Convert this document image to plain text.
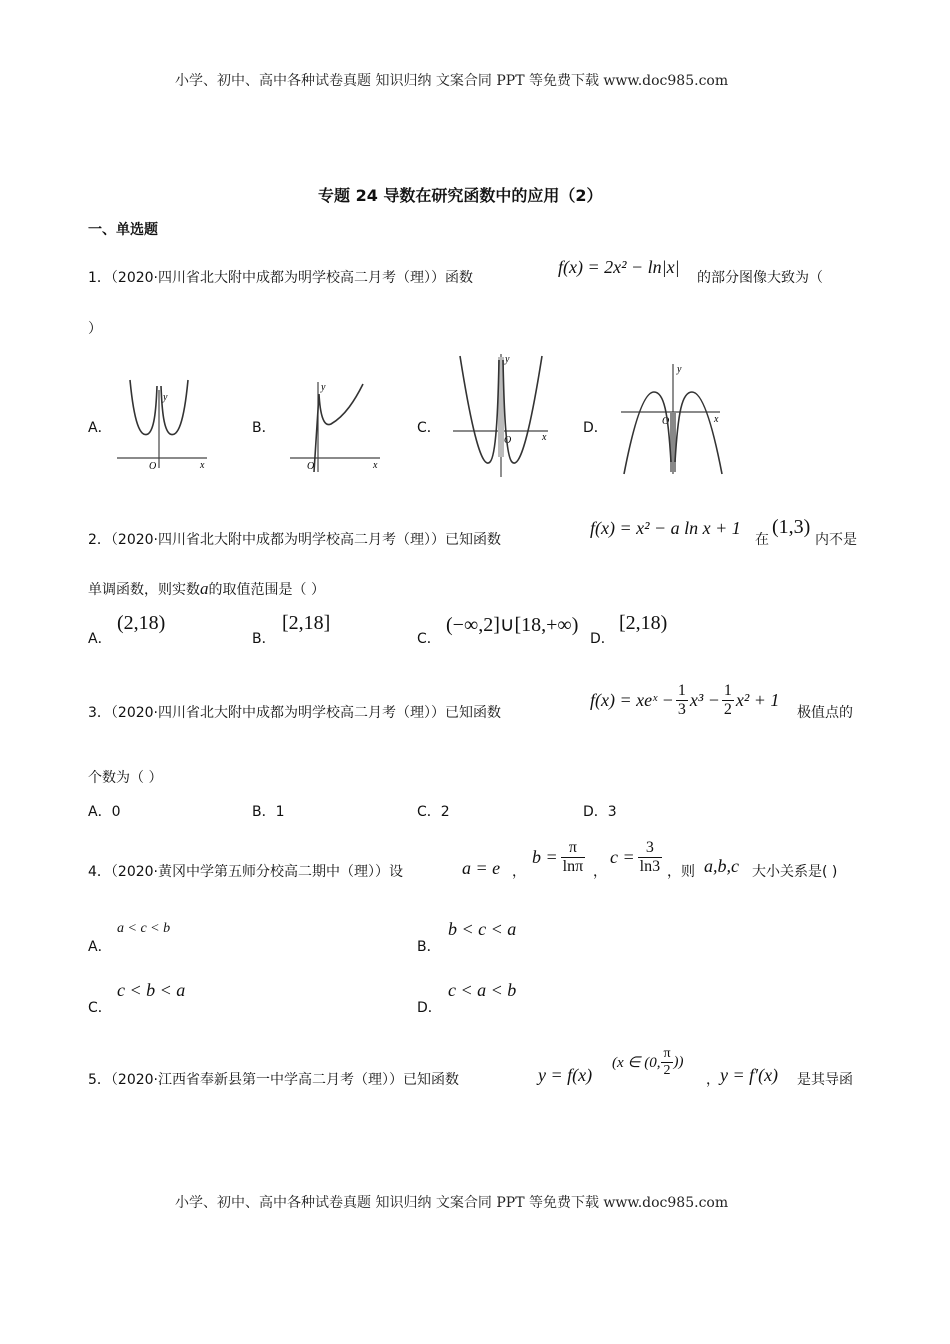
小学、初中、高中各种试卷真题 知识归纳 文案合同 PPT 等免费下载 www.doc985.com
专题 24 导数在研究函数中的应用（2）
一、单选题
1．（2020·四川省北大附中成都为明学校高二月考（理））函数
f(x) = 2x² − ln|x|
的部分图像大致为（
）
A．	B．	C．	D．
y
x
O
y
x
O
y
x
O
y
x
O
2．（2020·四川省北大附中成都为明学校高二月考（理））已知函数
f(x) = x² − a ln x + 1
在
(1,3)
内不是
单调函数，则实数a的取值范围是（ ）
A．
(2,18)
B．
[2,18]
C．
(−∞,2]∪[18,+∞)
D．
[2,18)
3．（2020·四川省北大附中成都为明学校高二月考（理））已知函数
f(x) = xeˣ − $\frac{1}{3} x^3 - \frac{1}{2} x^2 + 1$
极值点的
个数为（ ）
A．0	B．1	C．2	D．3
4．（2020·黄冈中学第五师分校高二期中（理））设	a = e ，
$b = \frac{\pi}{\ln\pi}$ ，
$c = \frac{3}{\ln 3}$ ，则 a,b,c 大小关系是( )
A．
a < c < b
B．
b < c < a
C．
c < b < a
D．
c < a < b
5．（2020·江西省奉新县第一中学高二月考（理））已知函数	y = f(x)
(x ∈ (0, $\frac{\pi}{2}$ ))
， y = f′(x) 是其导函
小学、初中、高中各种试卷真题 知识归纳 文案合同 PPT 等免费下载 www.doc985.com
